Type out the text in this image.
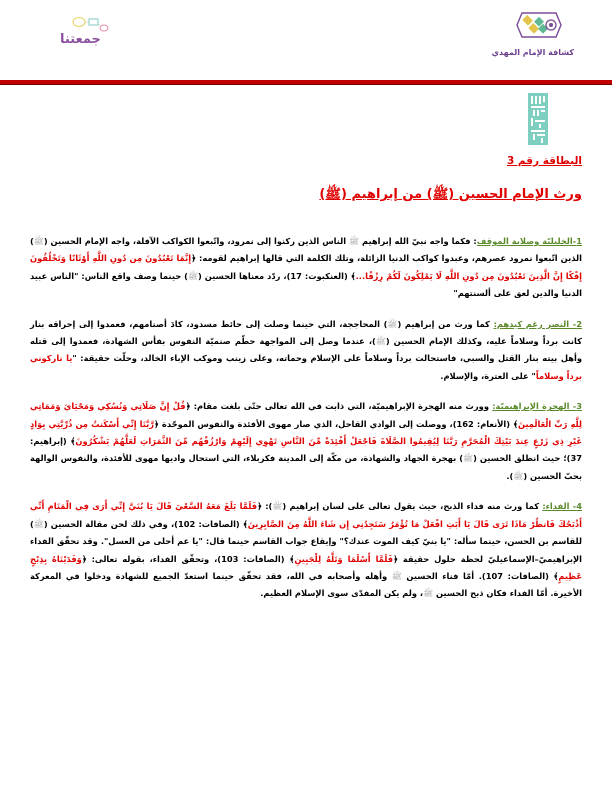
كشافة الإمام المهدي
جمعتنا
البطاقة رقم 3
ورث الإمام الحسين (ﷺ) من إبراهيم (ﷺ)

1-الخليليّة وصلابة الموقف: فكما واجه نبيّ الله إبراهيم ﷺ الناس الذين ركنوا إلى نمرود، واتّبعوا الكواكب الآفلة، واجه الإمام الحسين (ﷺ) الذين اتّبعوا نمرود عصرهم، وعبدوا كواكب الدنيا الزائلة، وتلك الكلمة التي قالها إبراهيم لقومه: ﴿إِنَّمَا تَعْبُدُونَ مِن دُونِ اللَّهِ أَوْثَانًا وَتَخْلُقُونَ إِفْكًا إِنَّ الَّذِينَ تَعْبُدُونَ مِن دُونِ اللَّهِ لَا يَمْلِكُونَ لَكُمْ رِزْقًا...﴾ (العنكبوت: 17)، ردّد معناها الحسين (ﷺ) حينما وصف واقع الناس: "الناس عبيد الدنيا والدين لعق على ألسنتهم"

2- النصر رغم كيدهم: كما ورث من إبراهيم (ﷺ) المحاججة، التي حينما وصلت إلى حائط مسدود، كادَ أصنامهم، فعمدوا إلى إحراقه بنار كانت برداً وسلاماً عليه، وكذلك الإمام الحسين (ﷺ)، عندما وصل إلى المواجهة حطّم صنميّة النفوس بفأس الشهادة، فعمدوا إلى قتله وأهل بيته بنار القتل والسبي، فاستحالت برداً وسلاماً على الإسلام وحماته، وعلى زينب وموكب الإباء الخالد، وحلّت حقيقة: "يا ناركوني برداً وسلاماً" على العترة، والإسلام.

3- الهجرة الإبراهيميّة: وورث منه الهجرة الإبراهيميّة، التي ذابت في الله تعالى حتّى بلغت مقام: ﴿قُلْ إِنَّ صَلَاتِي وَنُسُكِي وَمَحْيَايَ وَمَمَاتِي لِلَّهِ رَبِّ الْعَالَمِينَ﴾ (الأنعام: 162)، ووصلت إلى الوادي القاحل، الذي صار مهوى الأفئدة والنفوس الموحّدة ﴿رَّبَّنَا إِنِّي أَسْكَنتُ مِن ذُرِّيَّتِي بِوَادٍ غَيْرِ ذِي زَرْعٍ عِندَ بَيْتِكَ الْمُحَرَّمِ رَبَّنَا لِيُقِيمُوا الصَّلَاةَ فَاجْعَلْ أَفْئِدَةً مِّنَ النَّاسِ تَهْوِي إِلَيْهِمْ وَارْزُقْهُم مِّنَ الثَّمَرَاتِ لَعَلَّهُمْ يَشْكُرُونَ﴾ (إبراهيم: 37)؛ حيث انطلق الحسين (ﷺ) بهجرة الجهاد والشهادة، من مكّة إلى المدينة فكربلاء، التي استحال واديها مهوى للأفئدة، والنفوس الوالهة بحبّ الحسين (ﷺ).

4- الفداء: كما ورث منه فداء الذبح، حيث يقول تعالى على لسان إبراهيم (ﷺ): ﴿فَلَمَّا بَلَغَ مَعَهُ السَّعْيَ قَالَ يَا بُنَيَّ إِنِّي أَرَى فِي الْمَنَامِ أَنِّي أَذْبَحُكَ فَانظُرْ مَاذَا تَرَى قَالَ يَا أَبَتِ افْعَلْ مَا تُؤْمَرُ سَتَجِدُنِي إِن شَاءَ اللَّهُ مِنَ الصَّابِرِينَ﴾ (الصافات: 102)، وفي ذلك لحن مقالة الحسين (ﷺ) للقاسم بن الحسن، حينما سأله: "يا بنيّ كيف الموت عندك؟" وإيقاع جواب القاسم حينما قال: "يا عم أحلى من العسل". وقد تحقّق الفداء الإبراهيميّ–الإسماعيليّ لحظة حلول حقيقة ﴿فَلَمَّا أَسْلَمَا وَتَلَّهُ لِلْجَبِينِ﴾ (الصافات: 103)، وتحقّق الفداء، بقوله تعالى: ﴿وَفَدَيْنَاهُ بِذِبْحٍ عَظِيمٍ﴾ (الصافات: 107). أمّا فناء الحسين ﷺ وأهله وأصحابه في الله، فقد تحقّق حينما استعدّ الجميع للشهادة ودخلوا في المعركة الأخيرة. أمّا الفداء فكان ذبح الحسين ﷺ، ولم يكن المفدّى سوى الإسلام العظيم.
